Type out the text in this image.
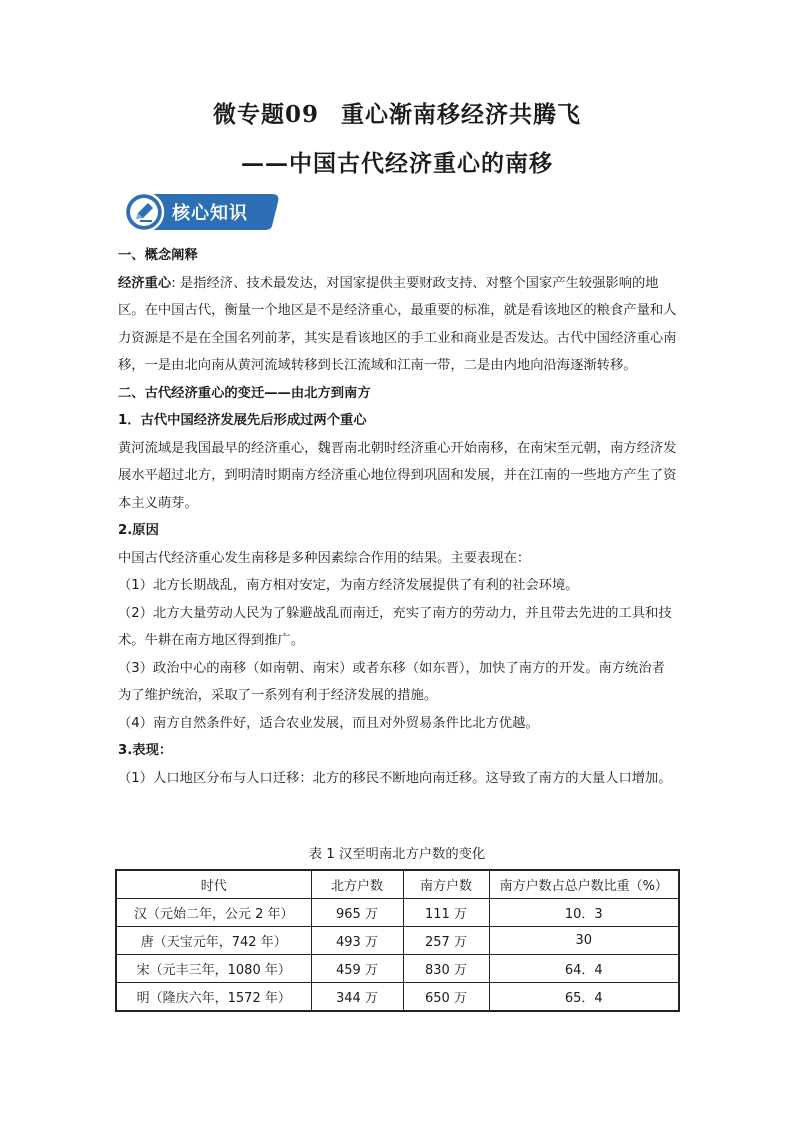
微专题09 重心渐南移经济共腾飞
——中国古代经济重心的南移
核心知识

一、概念阐释

经济重心: 是指经济、技术最发达，对国家提供主要财政支持、对整个国家产生较强影响的地区。在中国古代，衡量一个地区是不是经济重心，最重要的标准，就是看该地区的粮食产量和人力资源是不是在全国名列前茅，其实是看该地区的手工业和商业是否发达。古代中国经济重心南移，一是由北向南从黄河流域转移到长江流域和江南一带，二是由内地向沿海逐渐转移。

二、古代经济重心的变迁——由北方到南方

1．古代中国经济发展先后形成过两个重心

黄河流域是我国最早的经济重心，魏晋南北朝时经济重心开始南移，在南宋至元朝，南方经济发展水平超过北方，到明清时期南方经济重心地位得到巩固和发展，并在江南的一些地方产生了资本主义萌芽。

2.原因

中国古代经济重心发生南移是多种因素综合作用的结果。主要表现在：

（1）北方长期战乱，南方相对安定，为南方经济发展提供了有利的社会环境。

（2）北方大量劳动人民为了躲避战乱而南迁，充实了南方的劳动力，并且带去先进的工具和技术。牛耕在南方地区得到推广。

（3）政治中心的南移（如南朝、南宋）或者东移（如东晋），加快了南方的开发。南方统治者为了维护统治，采取了一系列有利于经济发展的措施。

（4）南方自然条件好，适合农业发展，而且对外贸易条件比北方优越。

3.表现：

（1）人口地区分布与人口迁移：北方的移民不断地向南迁移。这导致了南方的大量人口增加。

表 1 汉至明南北方户数的变化
时代	北方户数	南方户数	南方户数占总户数比重（%）
汉（元始二年，公元 2 年）	965 万	111 万	10．3
唐（天宝元年，742 年）	493 万	257 万	30
宋（元丰三年，1080 年）	459 万	830 万	64．4
明（隆庆六年，1572 年）	344 万	650 万	65．4
